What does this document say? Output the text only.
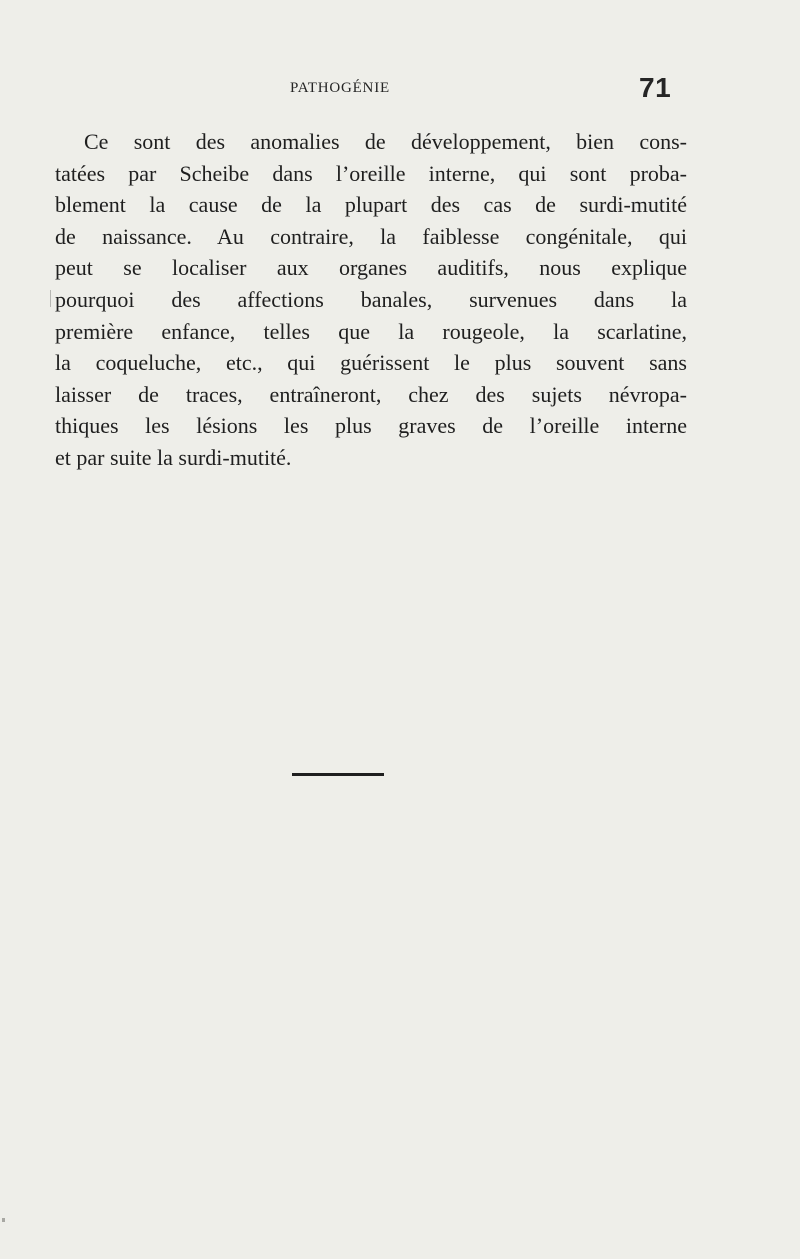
PATHOGÉNIE	71
Ce sont des anomalies de développement, bien cons-
tatées par Scheibe dans l’oreille interne, qui sont proba-
blement la cause de la plupart des cas de surdi-mutité
de naissance. Au contraire, la faiblesse congénitale, qui
peut se localiser aux organes auditifs, nous explique
pourquoi des affections banales, survenues dans la
première enfance, telles que la rougeole, la scarlatine,
la coqueluche, etc., qui guérissent le plus souvent sans
laisser de traces, entraîneront, chez des sujets névropa-
thiques les lésions les plus graves de l’oreille interne
et par suite la surdi-mutité.
